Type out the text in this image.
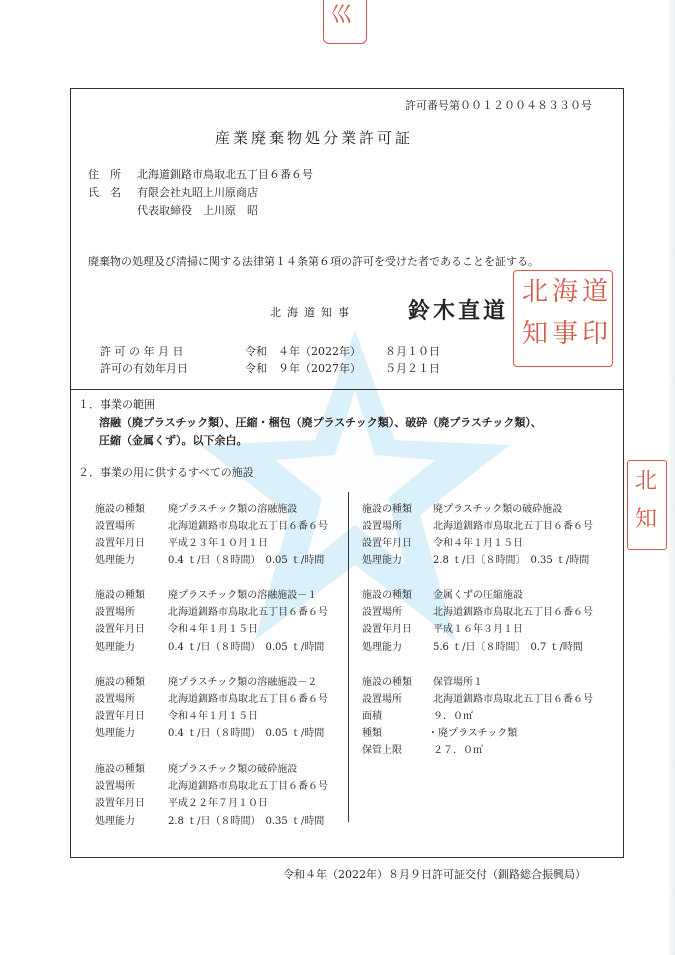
⼮
許可番号第００１２００４８３３０号
産業廃棄物処分業許可証
住　所 北海道釧路市鳥取北五丁目６番６号
氏　名 有限会社丸昭上川原商店
代表取締役　上川原　昭
廃棄物の処理及び清掃に関する法律第１４条第６項の許可を受けた者であることを証する。
北海道知事 鈴木直道
北 海 道
知 事 印
許 可 の 年 月 日	令和　４年（2022年） ８月１０日
許可の有効年月日	令和　９年（2027年） ５月２１日
１．事業の範囲
溶融（廃プラスチック類）、圧縮・梱包（廃プラスチック類）、破砕（廃プラスチック類）、
圧縮（金属くず）。以下余白。
２．事業の用に供するすべての施設
施設の種類 廃プラスチック類の溶融施設
設置場所	北海道釧路市鳥取北五丁目６番６号
設置年月日 平成２３年１０月１日
処理能力	0.4 ｔ/日（８時間）　0.05 ｔ/時間
施設の種類 廃プラスチック類の溶融施設－１
設置場所	北海道釧路市鳥取北五丁目６番６号
設置年月日 令和４年１月１５日
処理能力	0.4 ｔ/日（８時間）　0.05 ｔ/時間
施設の種類 廃プラスチック類の溶融施設－２
設置場所	北海道釧路市鳥取北五丁目６番６号
設置年月日 令和４年１月１５日
処理能力	0.4 ｔ/日（８時間）　0.05 ｔ/時間
施設の種類 廃プラスチック類の破砕施設
設置場所	北海道釧路市鳥取北五丁目６番６号
設置年月日 平成２２年７月１０日
処理能力	2.8 ｔ/日（８時間）　0.35 ｔ/時間
施設の種類 廃プラスチック類の破砕施設
設置場所	北海道釧路市鳥取北五丁目６番６号
設置年月日 令和４年１月１５日
処理能力	2.8 ｔ/日〔８時間〕　0.35 ｔ/時間
施設の種類 金属くずの圧縮施設
設置場所	北海道釧路市鳥取北五丁目６番６号
設置年月日 平成１６年３月１日
処理能力	5.6 ｔ/日〔８時間〕　0.7 ｔ/時間
施設の種類 保管場所１
設置場所	北海道釧路市鳥取北五丁目６番６号
面積	９．０㎡
種類	・廃プラスチック類
保管上限	２７．０㎥
北
知
令和４年（2022年）８月９日許可証交付（釧路総合振興局）
